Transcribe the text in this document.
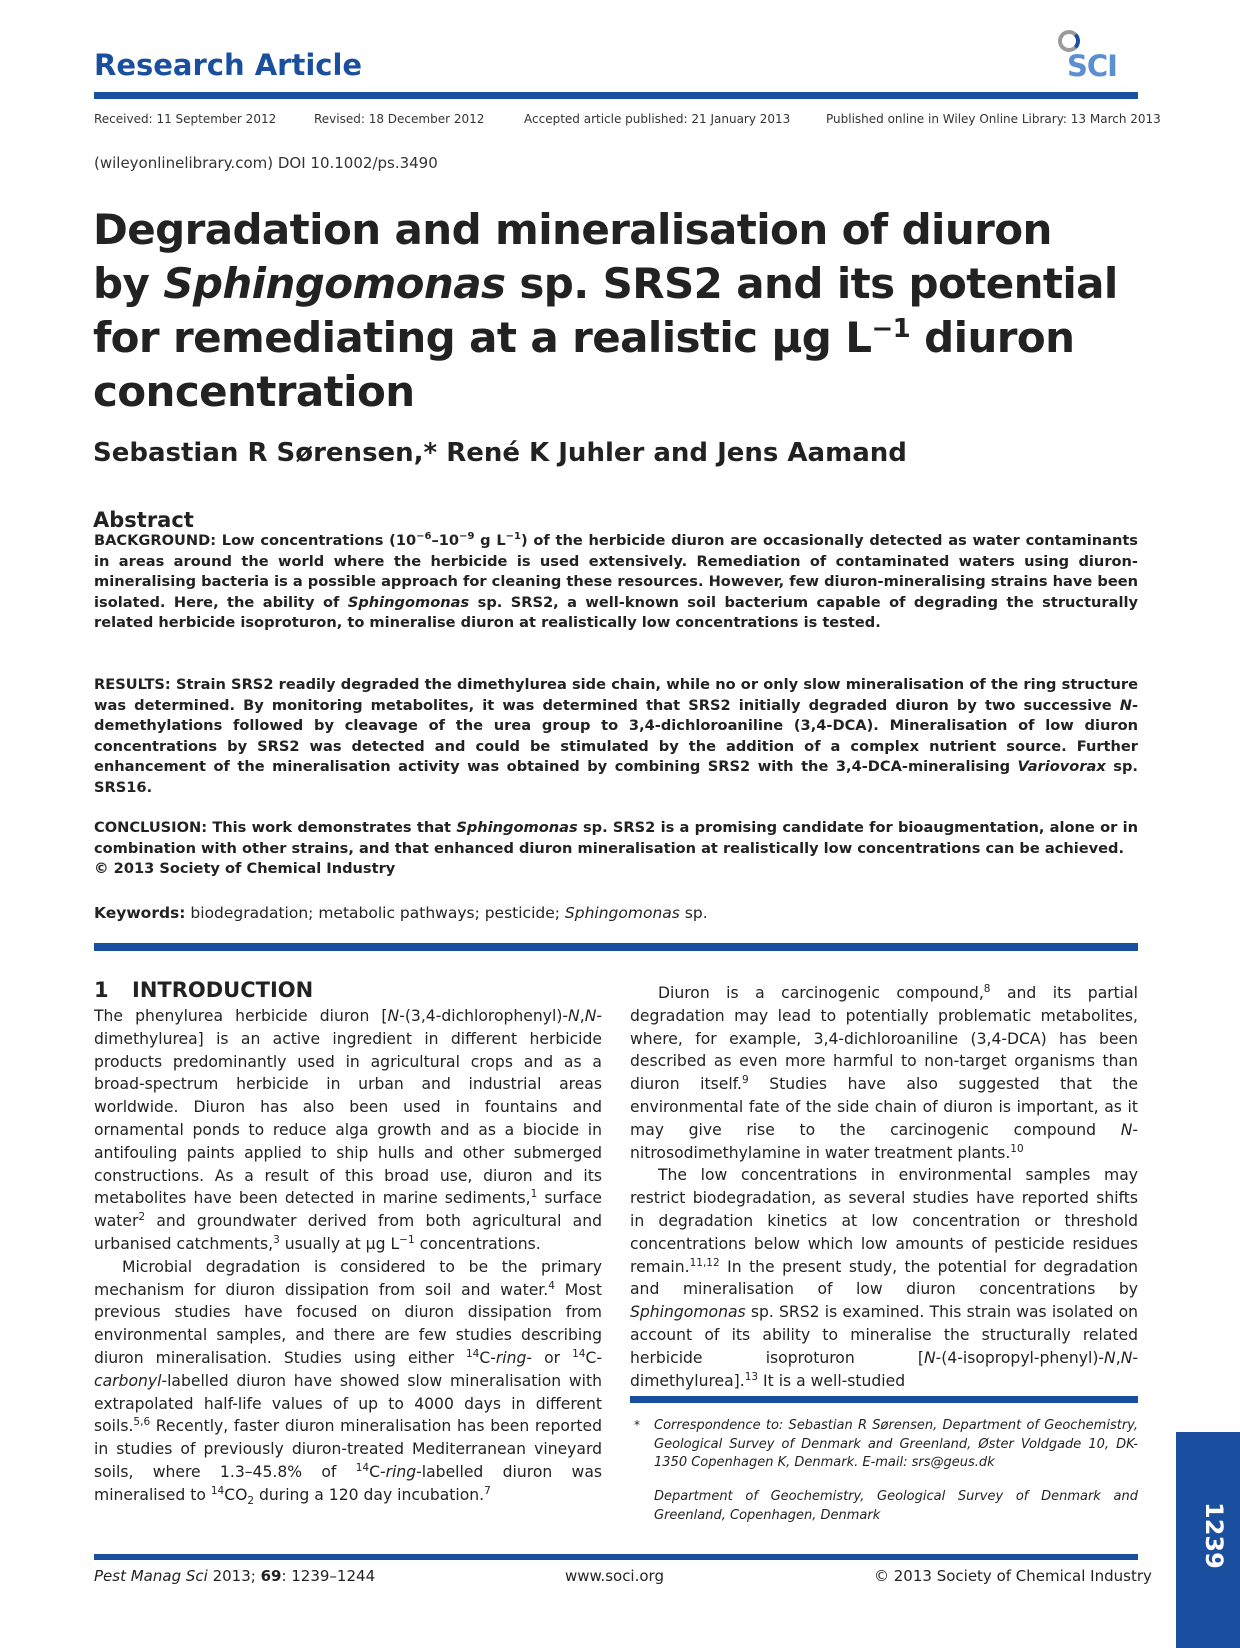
Research Article	SCI
Received: 11 September 2012	Revised: 18 December 2012	Accepted article published: 21 January 2013	Published online in Wiley Online Library: 13 March 2013
(wileyonlinelibrary.com) DOI 10.1002/ps.3490
Degradation and mineralisation of diuron
by Sphingomonas sp. SRS2 and its potential
for remediating at a realistic μg $L^{-1}$ diuron
concentration
Sebastian R Sørensen,* René K Juhler and Jens Aamand
Abstract
BACKGROUND: Low concentrations ($10^{-6}-10^{-9}$ g $L^{-1}$) of the herbicide diuron are occasionally detected as water contaminants in areas around the world where the herbicide is used extensively. Remediation of contaminated waters using diuron-mineralising bacteria is a possible approach for cleaning these resources. However, few diuron-mineralising strains have been isolated. Here, the ability of Sphingomonas sp. SRS2, a well-known soil bacterium capable of degrading the structurally related herbicide isoproturon, to mineralise diuron at realistically low concentrations is tested.
RESULTS: Strain SRS2 readily degraded the dimethylurea side chain, while no or only slow mineralisation of the ring structure was determined. By monitoring metabolites, it was determined that SRS2 initially degraded diuron by two successive N-demethylations followed by cleavage of the urea group to 3,4-dichloroaniline (3,4-DCA). Mineralisation of low diuron concentrations by SRS2 was detected and could be stimulated by the addition of a complex nutrient source. Further enhancement of the mineralisation activity was obtained by combining SRS2 with the 3,4-DCA-mineralising Variovorax sp. SRS16.
CONCLUSION: This work demonstrates that Sphingomonas sp. SRS2 is a promising candidate for bioaugmentation, alone or in combination with other strains, and that enhanced diuron mineralisation at realistically low concentrations can be achieved.
© 2013 Society of Chemical Industry
Keywords: biodegradation; metabolic pathways; pesticide; Sphingomonas sp.
1 INTRODUCTION

The phenylurea herbicide diuron [N-(3,4-dichlorophenyl)-N,N-dimethylurea] is an active ingredient in different herbicide products predominantly used in agricultural crops and as a broad-spectrum herbicide in urban and industrial areas worldwide. Diuron has also been used in fountains and ornamental ponds to reduce alga growth and as a biocide in antifouling paints applied to ship hulls and other submerged constructions. As a result of this broad use, diuron and its metabolites have been detected in marine sediments,$^1$ surface water$^2$ and groundwater derived from both agricultural and urbanised catchments,$^3$ usually at μg $L^{-1}$ concentrations.

Microbial degradation is considered to be the primary mechanism for diuron dissipation from soil and water.$^4$ Most previous studies have focused on diuron dissipation from environmental samples, and there are few studies describing diuron mineralisation. Studies using either $^{14}$C-ring- or $^{14}$C-carbonyl-labelled diuron have showed slow mineralisation with extrapolated half-life values of up to 4000 days in different soils.$^{5,6}$ Recently, faster diuron mineralisation has been reported in studies of previously diuron-treated Mediterranean vineyard soils, where 1.3–45.8% of $^{14}$C-ring-labelled diuron was mineralised to $^{14}CO_2$ during a 120 day incubation.$^7$

Diuron is a carcinogenic compound,$^8$ and its partial degradation may lead to potentially problematic metabolites, where, for example, 3,4-dichloroaniline (3,4-DCA) has been described as even more harmful to non-target organisms than diuron itself.$^9$ Studies have also suggested that the environmental fate of the side chain of diuron is important, as it may give rise to the carcinogenic compound N-nitrosodimethylamine in water treatment plants.$^{10}$

The low concentrations in environmental samples may restrict biodegradation, as several studies have reported shifts in degradation kinetics at low concentration or threshold concentrations below which low amounts of pesticide residues remain.$^{11,12}$ In the present study, the potential for degradation and mineralisation of low diuron concentrations by Sphingomonas sp. SRS2 is examined. This strain was isolated on account of its ability to mineralise the structurally related herbicide isoproturon [N-(4-isopropyl-phenyl)-N,N-dimethylurea].$^{13}$ It is a well-studied

* Correspondence to: Sebastian R Sørensen, Department of Geochemistry, Geological Survey of Denmark and Greenland, Øster Voldgade 10, DK-1350 Copenhagen K, Denmark. E-mail: srs@geus.dk
Department of Geochemistry, Geological Survey of Denmark and Greenland, Copenhagen, Denmark	1239
Pest Manag Sci 2013; 69: 1239–1244	www.soci.org	© 2013 Society of Chemical Industry
